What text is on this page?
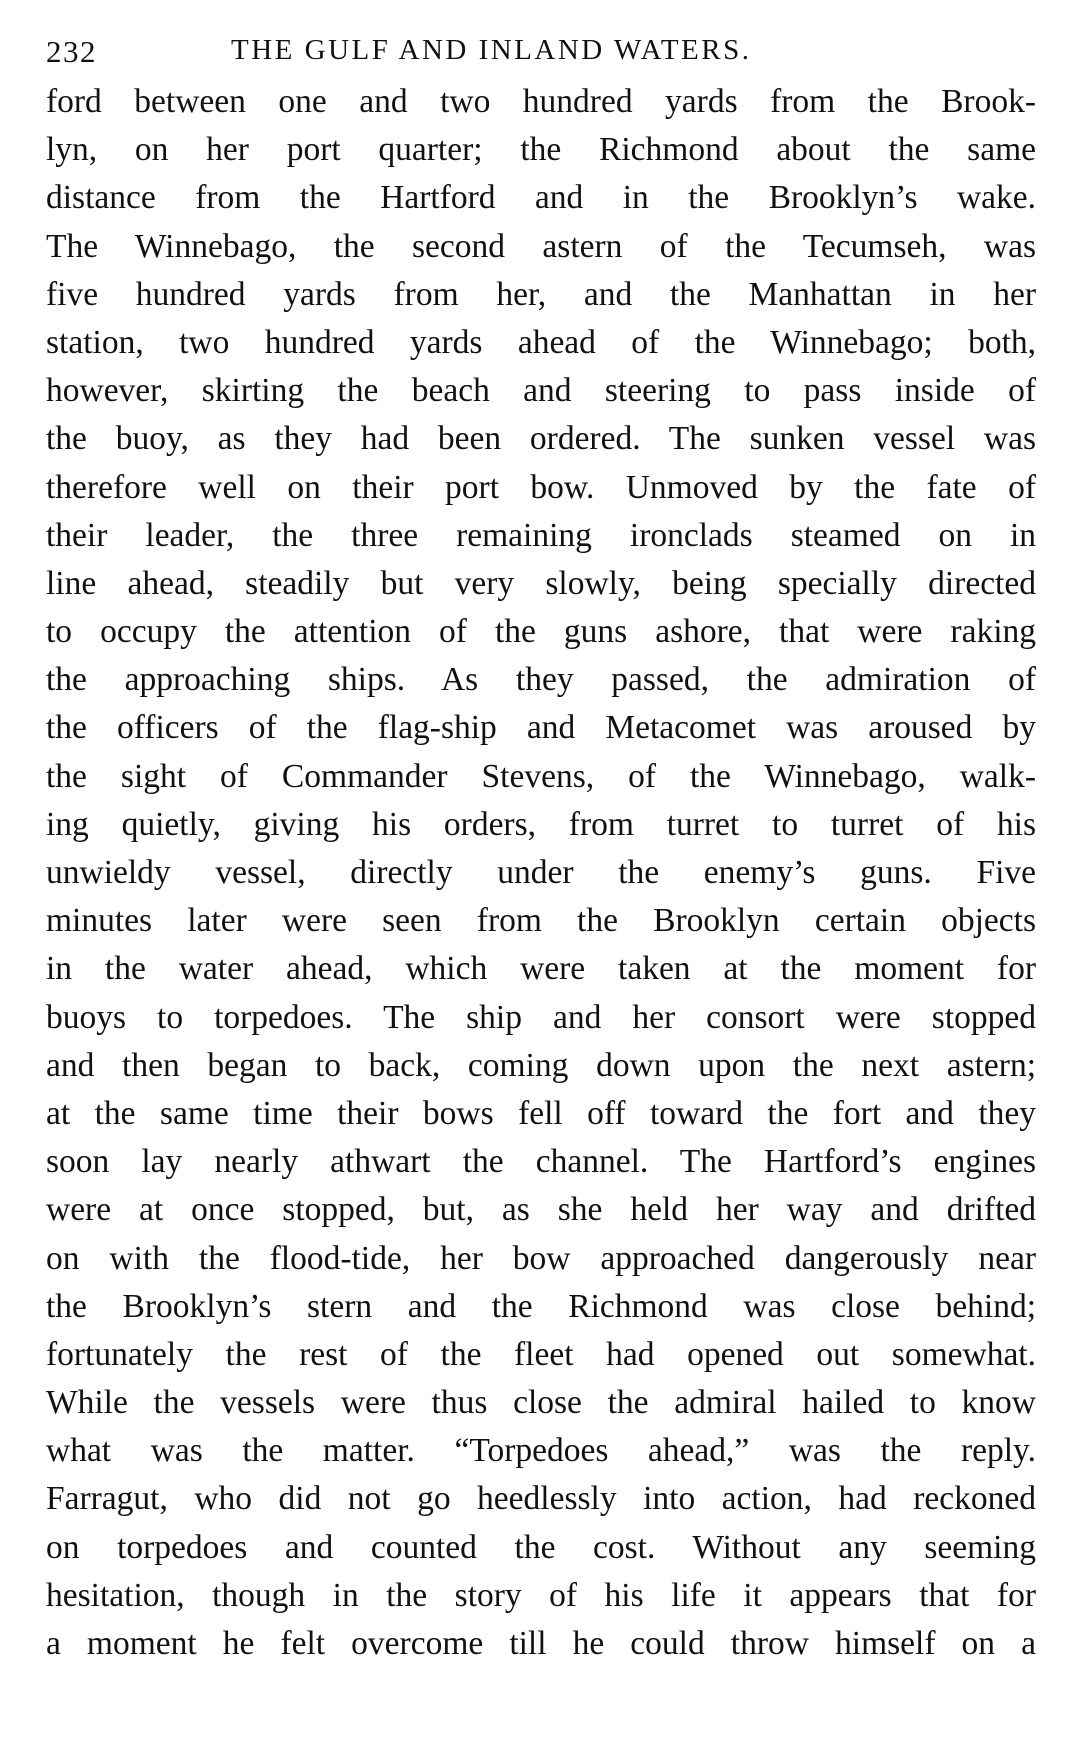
232	THE GULF AND INLAND WATERS.
ford between one and two hundred yards from the Brook-
lyn, on her port quarter; the Richmond about the same
distance from the Hartford and in the Brooklyn’s wake.
The Winnebago, the second astern of the Tecumseh, was
five hundred yards from her, and the Manhattan in her
station, two hundred yards ahead of the Winnebago; both,
however, skirting the beach and steering to pass inside of
the buoy, as they had been ordered. The sunken vessel was
therefore well on their port bow. Unmoved by the fate of
their leader, the three remaining ironclads steamed on in
line ahead, steadily but very slowly, being specially directed
to occupy the attention of the guns ashore, that were raking
the approaching ships. As they passed, the admiration of
the officers of the flag-ship and Metacomet was aroused by
the sight of Commander Stevens, of the Winnebago, walk-
ing quietly, giving his orders, from turret to turret of his
unwieldy vessel, directly under the enemy’s guns. Five
minutes later were seen from the Brooklyn certain objects
in the water ahead, which were taken at the moment for
buoys to torpedoes. The ship and her consort were stopped
and then began to back, coming down upon the next astern;
at the same time their bows fell off toward the fort and they
soon lay nearly athwart the channel. The Hartford’s engines
were at once stopped, but, as she held her way and drifted
on with the flood-tide, her bow approached dangerously near
the Brooklyn’s stern and the Richmond was close behind;
fortunately the rest of the fleet had opened out somewhat.
While the vessels were thus close the admiral hailed to know
what was the matter. “Torpedoes ahead,” was the reply.
Farragut, who did not go heedlessly into action, had reckoned
on torpedoes and counted the cost. Without any seeming
hesitation, though in the story of his life it appears that for
a moment he felt overcome till he could throw himself on a
